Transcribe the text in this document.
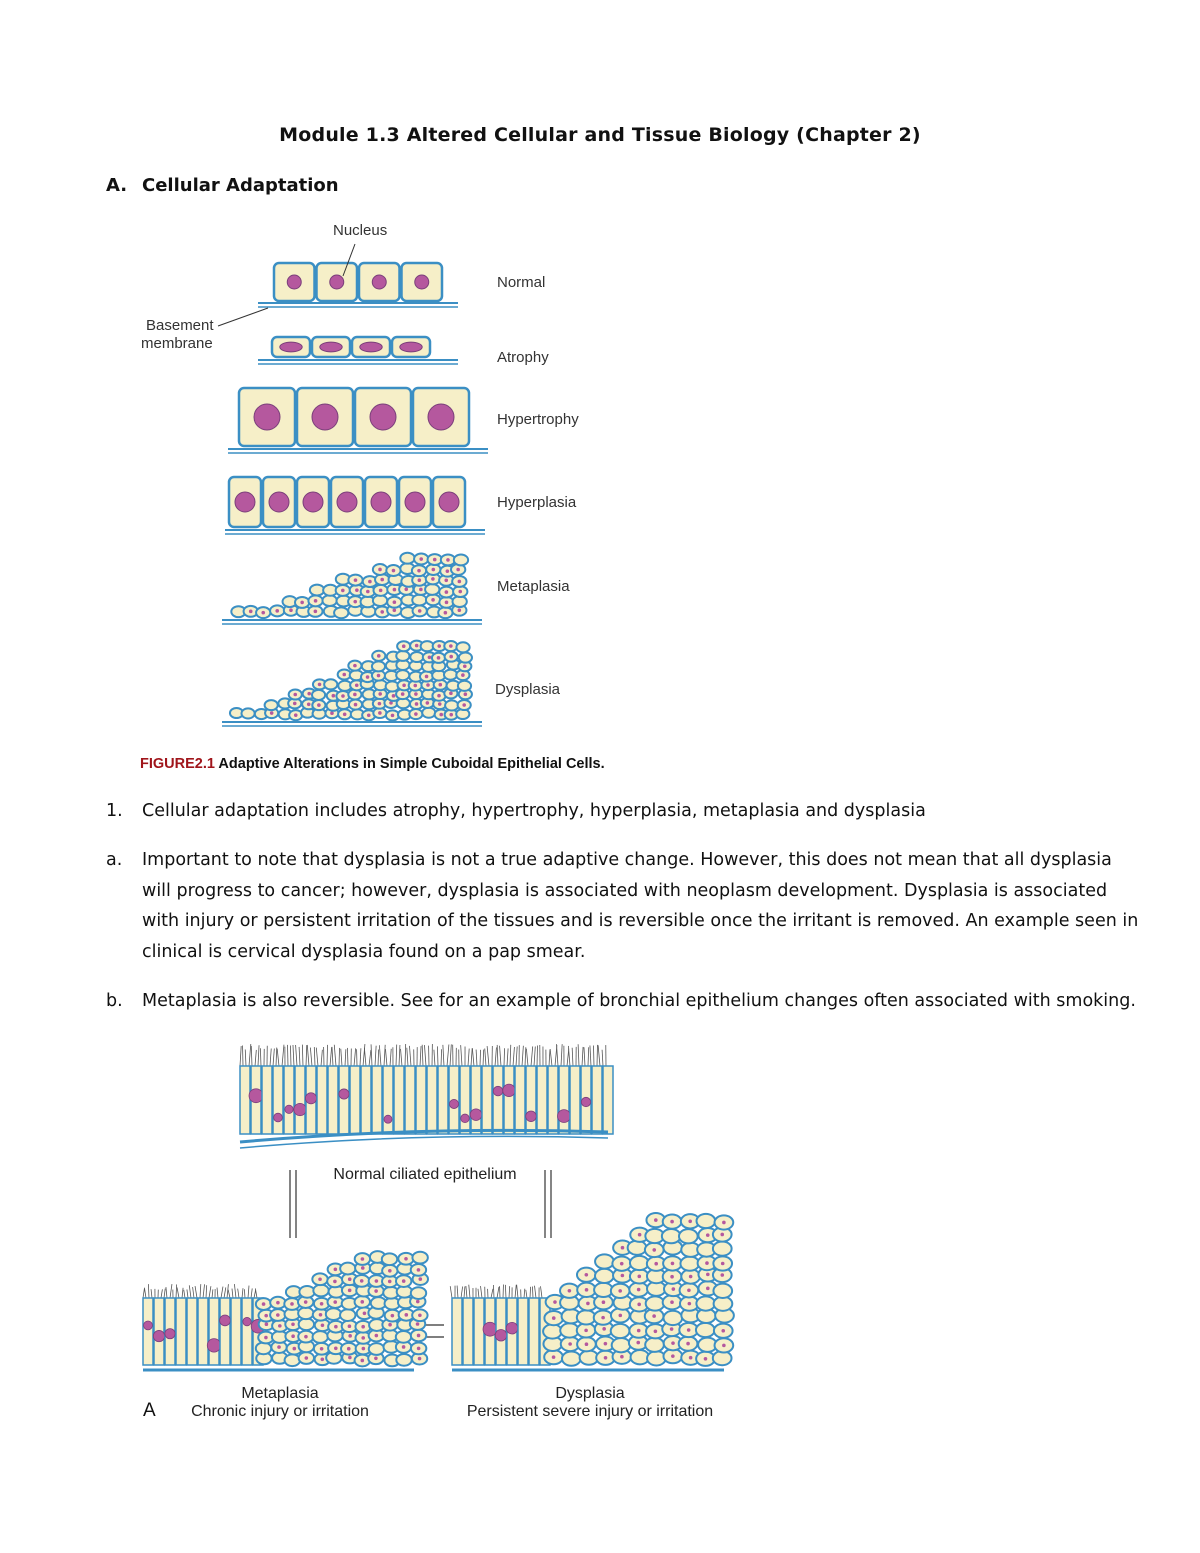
Module 1.3 Altered Cellular and Tissue Biology (Chapter 2)
A. Cellular Adaptation
Nucleus
Basement
membrane
Normal
Atrophy
Hypertrophy
Hyperplasia
Metaplasia
Dysplasia
FIGURE2.1 Adaptive Alterations in Simple Cuboidal Epithelial Cells.
1. Cellular adaptation includes atrophy, hypertrophy, hyperplasia, metaplasia and dysplasia
a. Important to note that dysplasia is not a true adaptive change. However, this does not mean that all dysplasia will progress to cancer; however, dysplasia is associated with neoplasm development. Dysplasia is associated with injury or persistent irritation of the tissues and is reversible once the irritant is removed. An example seen in clinical is cervical dysplasia found on a pap smear.
b. Metaplasia is also reversible. See for an example of bronchial epithelium changes often associated with smoking.
Normal ciliated epithelium
A
Metaplasia
Chronic injury or irritation
Dysplasia
Persistent severe injury or irritation
